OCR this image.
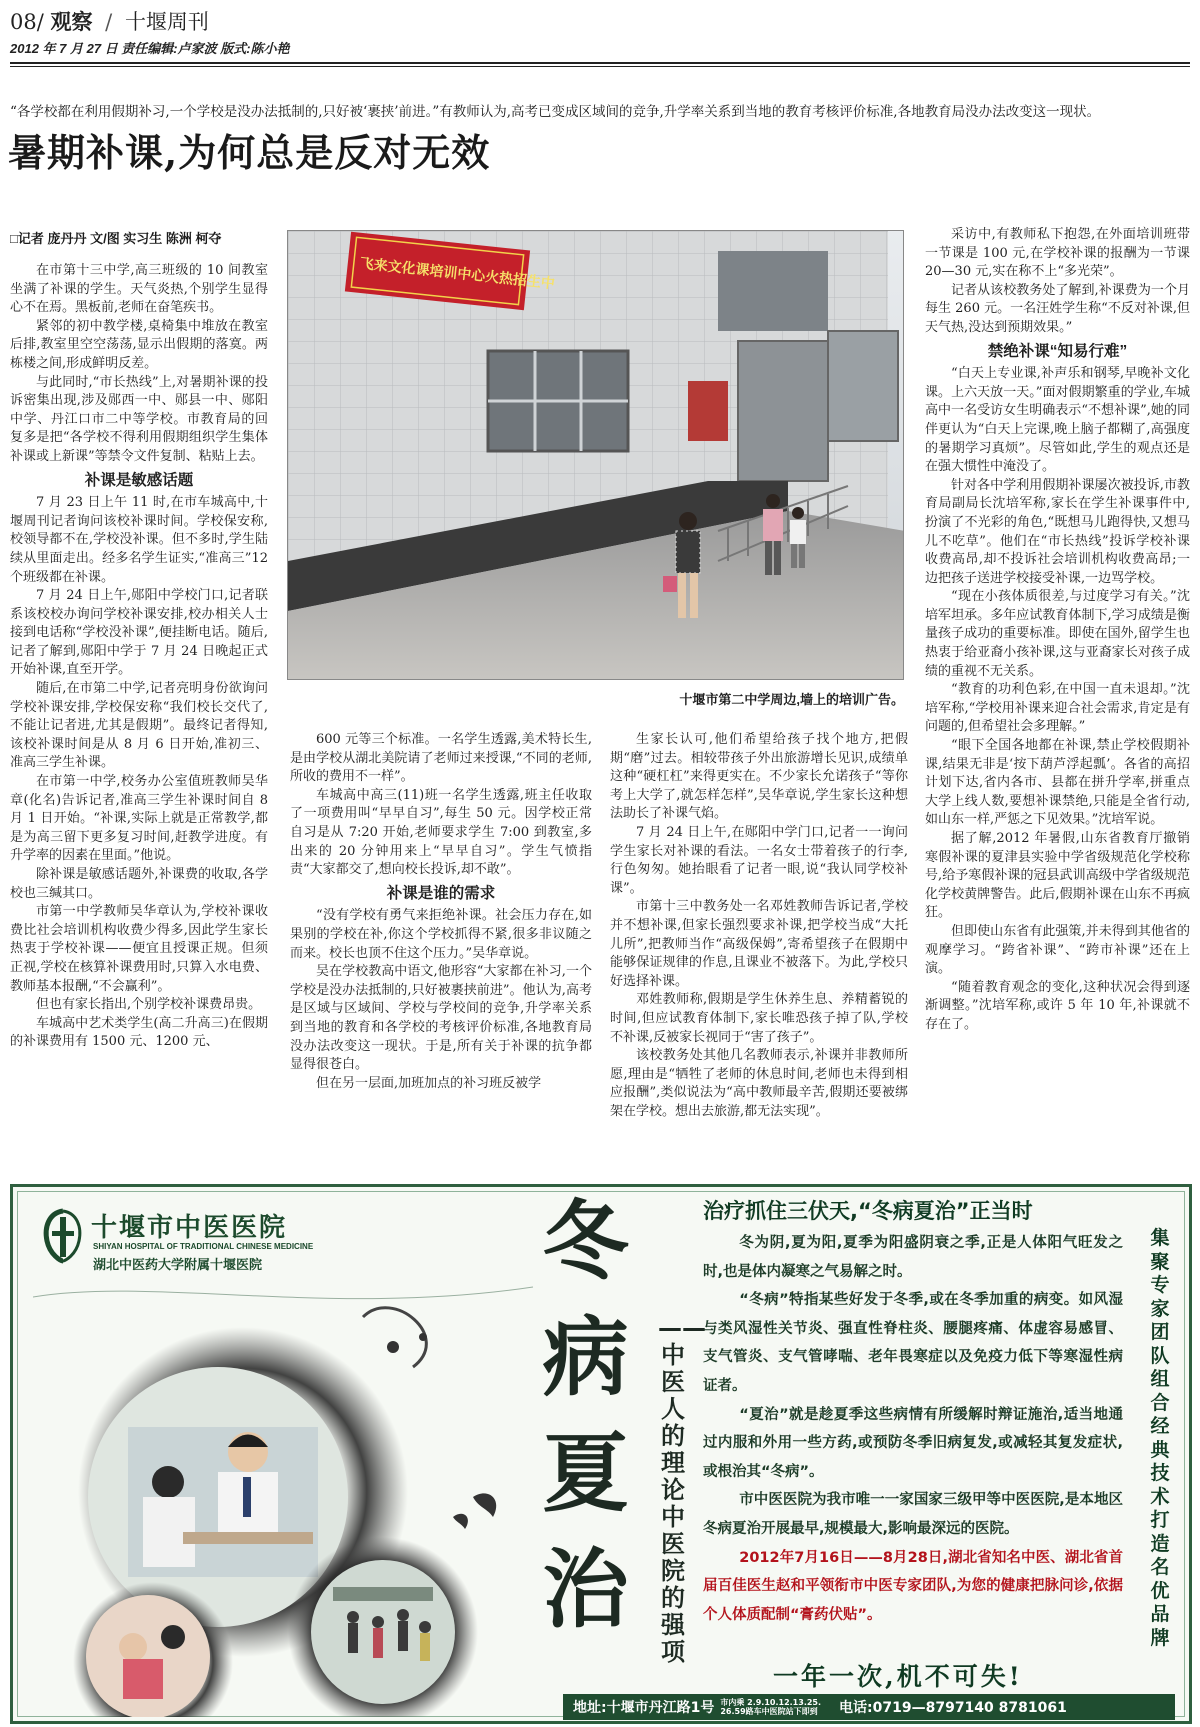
08/ 观察 / 十堰周刊
2012 年 7 月 27 日 责任编辑:卢家波 版式:陈小艳
“各学校都在利用假期补习,一个学校是没办法抵制的,只好被‘裹挟’前进。”有教师认为,高考已变成区域间的竞争,升学率关系到当地的教育考核评价标准,各地教育局没办法改变这一现状。
暑期补课,为何总是反对无效
□记者 庞丹丹 文/图 实习生 陈洲 柯夺

在市第十三中学,高三班级的 10 间教室坐满了补课的学生。天气炎热,个别学生显得心不在焉。黑板前,老师在奋笔疾书。

紧邻的初中教学楼,桌椅集中堆放在教室后排,教室里空空荡荡,显示出假期的落寞。两栋楼之间,形成鲜明反差。

与此同时,“市长热线”上,对暑期补课的投诉密集出现,涉及郧西一中、郧县一中、郧阳中学、丹江口市二中等学校。市教育局的回复多是把“各学校不得利用假期组织学生集体补课或上新课”等禁令文件复制、粘贴上去。

补课是敏感话题

7 月 23 日上午 11 时,在市车城高中,十堰周刊记者询问该校补课时间。学校保安称,校领导都不在,学校没补课。但不多时,学生陆续从里面走出。经多名学生证实,“准高三”12 个班级都在补课。

7 月 24 日上午,郧阳中学校门口,记者联系该校校办询问学校补课安排,校办相关人士接到电话称“学校没补课”,便挂断电话。随后,记者了解到,郧阳中学于 7 月 24 日晚起正式开始补课,直至开学。

随后,在市第二中学,记者亮明身份欲询问学校补课安排,学校保安称“我们校长交代了,不能让记者进,尤其是假期”。最终记者得知,该校补课时间是从 8 月 6 日开始,准初三、准高三学生补课。

在市第一中学,校务办公室值班教师吴华章(化名)告诉记者,准高三学生补课时间自 8 月 1 日开始。“补课,实际上就是正常教学,都是为高三留下更多复习时间,赶教学进度。有升学率的因素在里面。”他说。

除补课是敏感话题外,补课费的收取,各学校也三缄其口。

市第一中学教师吴华章认为,学校补课收费比社会培训机构收费少得多,因此学生家长热衷于学校补课——便宜且授课正规。但须正视,学校在核算补课费用时,只算入水电费、教师基本报酬,“不会赢利”。

但也有家长指出,个别学校补课费昂贵。

车城高中艺术类学生(高二升高三)在假期的补课费用有 1500 元、1200 元、

飞来文化课培训中心火热招生中
十堰市第二中学周边,墙上的培训广告。

600 元等三个标准。一名学生透露,美术特长生,是由学校从湖北美院请了老师过来授课,“不同的老师,所收的费用不一样”。

车城高中高三(11)班一名学生透露,班主任收取了一项费用叫“早早自习”,每生 50 元。因学校正常自习是从 7:20 开始,老师要求学生 7:00 到教室,多出来的 20 分钟用来上“早早自习”。学生气愤指责“大家都交了,想向校长投诉,却不敢”。

补课是谁的需求

“没有学校有勇气来拒绝补课。社会压力存在,如果别的学校在补,你这个学校抓得不紧,很多非议随之而来。校长也顶不住这个压力。”吴华章说。

吴在学校教高中语文,他形容“大家都在补习,一个学校是没办法抵制的,只好被裹挟前进”。他认为,高考是区域与区域间、学校与学校间的竞争,升学率关系到当地的教育和各学校的考核评价标准,各地教育局没办法改变这一现状。于是,所有关于补课的抗争都显得很苍白。

但在另一层面,加班加点的补习班反被学

生家长认可,他们希望给孩子找个地方,把假期“磨”过去。相较带孩子外出旅游增长见识,成绩单这种“硬杠杠”来得更实在。不少家长允诺孩子“等你考上大学了,就怎样怎样”,吴华章说,学生家长这种想法助长了补课气焰。

7 月 24 日上午,在郧阳中学门口,记者一一询问学生家长对补课的看法。一名女士带着孩子的行李,行色匆匆。她抬眼看了记者一眼,说“我认同学校补课”。

市第十三中教务处一名邓姓教师告诉记者,学校并不想补课,但家长强烈要求补课,把学校当成“大托儿所”,把教师当作“高级保姆”,寄希望孩子在假期中能够保证规律的作息,且课业不被落下。为此,学校只好选择补课。

邓姓教师称,假期是学生休养生息、养精蓄锐的时间,但应试教育体制下,家长唯恐孩子掉了队,学校不补课,反被家长视同于“害了孩子”。

该校教务处其他几名教师表示,补课并非教师所愿,理由是“牺牲了老师的休息时间,老师也未得到相应报酬”,类似说法为“高中教师最辛苦,假期还要被绑架在学校。想出去旅游,都无法实现”。

采访中,有教师私下抱怨,在外面培训班带一节课是 100 元,在学校补课的报酬为一节课 20—30 元,实在称不上“多光荣”。

记者从该校教务处了解到,补课费为一个月每生 260 元。一名汪姓学生称“不反对补课,但天气热,没达到预期效果。”

禁绝补课“知易行难”

“白天上专业课,补声乐和钢琴,早晚补文化课。上六天放一天。”面对假期繁重的学业,车城高中一名受访女生明确表示“不想补课”,她的同伴更认为“白天上完课,晚上脑子都糊了,高强度的暑期学习真烦”。尽管如此,学生的观点还是在强大惯性中淹没了。

针对各中学利用假期补课屡次被投诉,市教育局副局长沈培军称,家长在学生补课事件中,扮演了不光彩的角色,“既想马儿跑得快,又想马儿不吃草”。他们在“市长热线”投诉学校补课收费高昂,却不投诉社会培训机构收费高昂;一边把孩子送进学校接受补课,一边骂学校。

“现在小孩体质很差,与过度学习有关。”沈培军坦承。多年应试教育体制下,学习成绩是衡量孩子成功的重要标准。即使在国外,留学生也热衷于给亚裔小孩补课,这与亚裔家长对孩子成绩的重视不无关系。

“教育的功利色彩,在中国一直未退却。”沈培军称,“学校用补课来迎合社会需求,肯定是有问题的,但希望社会多理解。”

“眼下全国各地都在补课,禁止学校假期补课,结果无非是‘按下葫芦浮起瓢’。各省的高招计划下达,省内各市、县都在拼升学率,拼重点大学上线人数,要想补课禁绝,只能是全省行动,如山东一样,严惩之下见效果。”沈培军说。

据了解,2012 年暑假,山东省教育厅撤销寒假补课的夏津县实验中学省级规范化学校称号,给予寒假补课的冠县武训高级中学省级规范化学校黄牌警告。此后,假期补课在山东不再疯狂。

但即使山东省有此强策,并未得到其他省的观摩学习。“跨省补课”、“跨市补课”还在上演。

“随着教育观念的变化,这种状况会得到逐渐调整。”沈培军称,或许 5 年 10 年,补课就不存在了。

十堰市中医医院
SHIYAN HOSPITAL OF TRADITIONAL CHINESE MEDICINE
湖北中医药大学附属十堰医院	冬
病
夏
治
——中医人的理论 中医院的强项
治疗抓住三伏天,“冬病夏治”正当时

冬为阴,夏为阳,夏季为阳盛阴衰之季,正是人体阳气旺发之时,也是体内凝寒之气易解之时。

“冬病”特指某些好发于冬季,或在冬季加重的病变。如风湿与类风湿性关节炎、强直性脊柱炎、腰腿疼痛、体虚容易感冒、支气管炎、支气管哮喘、老年畏寒症以及免疫力低下等寒湿性病证者。

“夏治”就是趁夏季这些病情有所缓解时辩证施治,适当地通过内服和外用一些方药,或预防冬季旧病复发,或减轻其复发症状,或根治其“冬病”。

市中医医院为我市唯一一家国家三级甲等中医医院,是本地区冬病夏治开展最早,规模最大,影响最深远的医院。

2012年7月16日——8月28日,湖北省知名中医、湖北省首届百佳医生赵和平领衔市中医专家团队,为您的健康把脉问诊,依据个人体质配制“膏药伏贴”。

一年一次,机不可失!
集聚专家团队 组合经典技术 打造名优品牌
地址:十堰市丹江路1号 市内乘 2.9.10.12.13.25.
26.59路车中医院站下即到 电话:0719—8797140 8781061
